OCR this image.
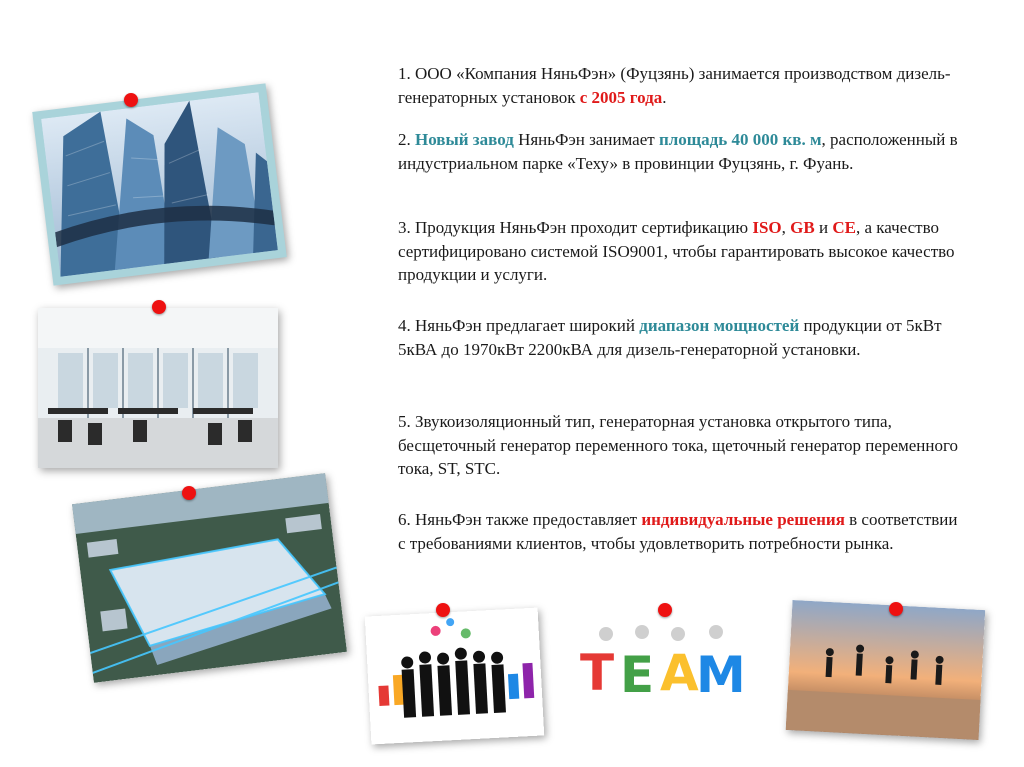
1. ООО «Компания НяньФэн» (Фуцзянь) занимается производством дизель-генераторных установок с 2005 года.
2. Новый завод НяньФэн занимает площадь 40 000 кв. м, расположенный в индустриальном парке «Теху» в провинции Фуцзянь, г. Фуань.
3. Продукция НяньФэн проходит сертификацию ISO, GB и CE, а качество сертифицировано системой ISO9001, чтобы гарантировать высокое качество продукции и услуги.
4. НяньФэн предлагает широкий диапазон мощностей продукции от 5кВт 5кВА до 1970кВт 2200кВА для дизель-генераторной установки.
5. Звукоизоляционный тип, генераторная установка открытого типа, бесщеточный генератор переменного тока, щеточный генератор переменного тока, ST, STC.
6. НяньФэн также предоставляет индивидуальные решения в соответствии с требованиями клиентов, чтобы удовлетворить потребности рынка.
T E A
M
